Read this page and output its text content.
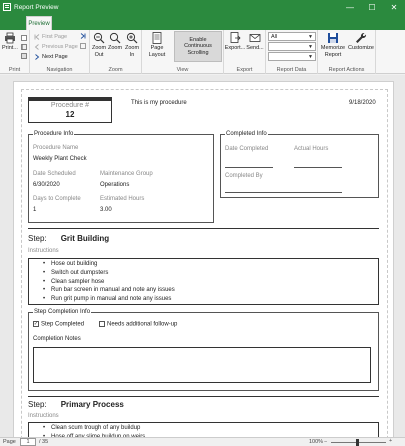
Report Preview	—	☐	✕
Preview
Print...
Print
First Page
Previous Page
Next Page
Navigation
Zoom Out
Zoom Zoom In
Zoom
Page Layout
Enable Continuous Scrolling
View
Export... Send...
Export
All	▼
▼
▼
Report Data
Memorize Report
Customize
Report Actions
Procedure #
12
This is my procedure	9/18/2020
Procedure Info
Procedure Name
Weekly Plant Check
Date Scheduled
6/30/2020
Maintenance Group
Operations
Days to Complete
1
Estimated Hours
3.00
Completed Info
Date Completed	Actual Hours
Completed By
Step: Grit Building
Instructions
• Hose out building
• Switch out dumpsters
• Clean sampler hose
• Run bar screen in manual and note any issues
• Run grit pump in manual and note any issues
Step Completion Info
✓ Step Completed	Needs additional follow-up
Completion Notes
Step: Primary Process
Instructions
• Clean scum trough of any buildup
•
Page	1	/ 35	100% −	+
